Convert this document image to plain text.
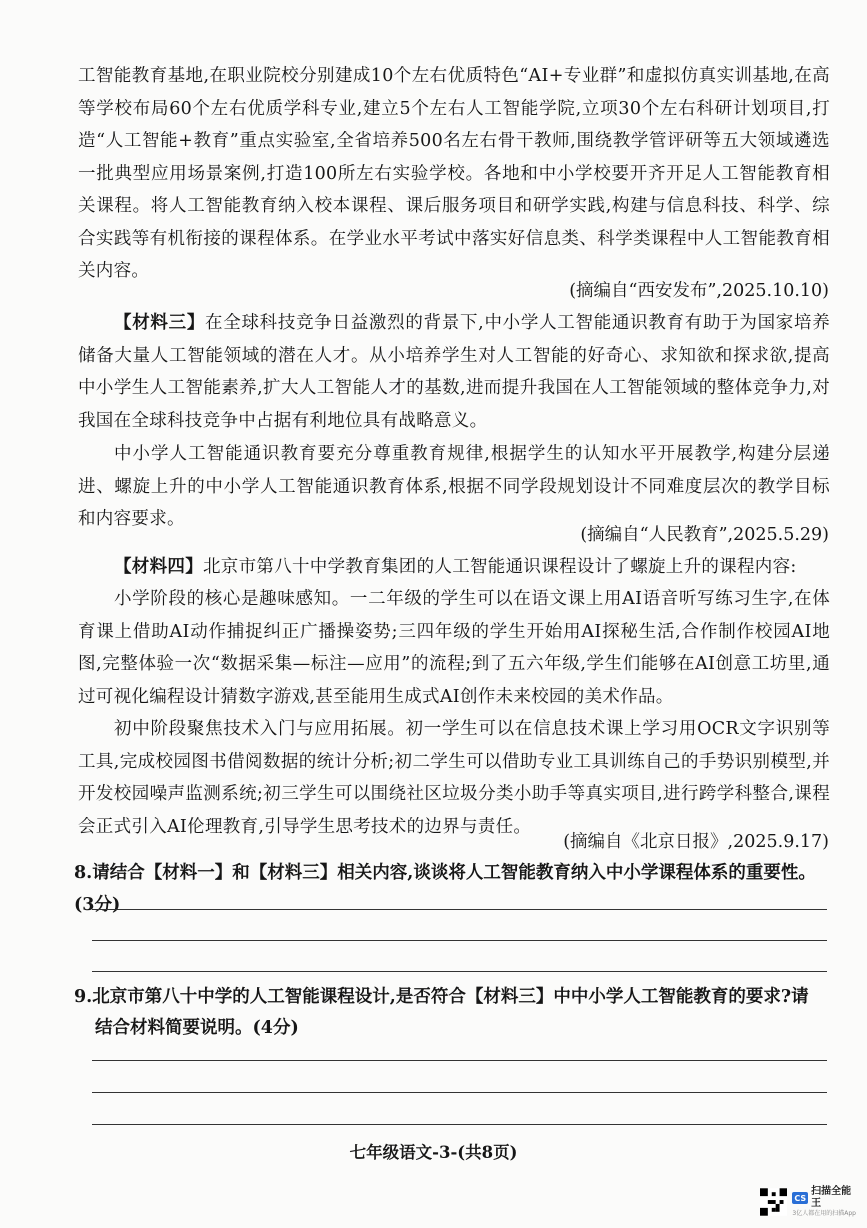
工智能教育基地,在职业院校分别建成10个左右优质特色“AI+专业群”和虚拟仿真实训基地,在高等学校布局60个左右优质学科专业,建立5个左右人工智能学院,立项30个左右科研计划项目,打造“人工智能+教育”重点实验室,全省培养500名左右骨干教师,围绕教学管评研等五大领域遴选一批典型应用场景案例,打造100所左右实验学校。各地和中小学校要开齐开足人工智能教育相关课程。将人工智能教育纳入校本课程、课后服务项目和研学实践,构建与信息科技、科学、综合实践等有机衔接的课程体系。在学业水平考试中落实好信息类、科学类课程中人工智能教育相关内容。

(摘编自“西安发布”,2025.10.10)

【材料三】在全球科技竞争日益激烈的背景下,中小学人工智能通识教育有助于为国家培养储备大量人工智能领域的潜在人才。从小培养学生对人工智能的好奇心、求知欲和探求欲,提高中小学生人工智能素养,扩大人工智能人才的基数,进而提升我国在人工智能领域的整体竞争力,对我国在全球科技竞争中占据有利地位具有战略意义。

中小学人工智能通识教育要充分尊重教育规律,根据学生的认知水平开展教学,构建分层递进、螺旋上升的中小学人工智能通识教育体系,根据不同学段规划设计不同难度层次的教学目标和内容要求。

(摘编自“人民教育”,2025.5.29)

【材料四】北京市第八十中学教育集团的人工智能通识课程设计了螺旋上升的课程内容:

小学阶段的核心是趣味感知。一二年级的学生可以在语文课上用AI语音听写练习生字,在体育课上借助AI动作捕捉纠正广播操姿势;三四年级的学生开始用AI探秘生活,合作制作校园AI地图,完整体验一次“数据采集—标注—应用”的流程;到了五六年级,学生们能够在AI创意工坊里,通过可视化编程设计猜数字游戏,甚至能用生成式AI创作未来校园的美术作品。

初中阶段聚焦技术入门与应用拓展。初一学生可以在信息技术课上学习用OCR文字识别等工具,完成校园图书借阅数据的统计分析;初二学生可以借助专业工具训练自己的手势识别模型,并开发校园噪声监测系统;初三学生可以围绕社区垃圾分类小助手等真实项目,进行跨学科整合,课程会正式引入AI伦理教育,引导学生思考技术的边界与责任。

(摘编自《北京日报》,2025.9.17)

8.请结合【材料一】和【材料三】相关内容,谈谈将人工智能教育纳入中小学课程体系的重要性。(3分)

9.北京市第八十中学的人工智能课程设计,是否符合【材料三】中中小学人工智能教育的要求?请

结合材料简要说明。(4分)

七年级语文-3-(共8页)
CS
扫描全能王
3亿人都在用的扫描App
